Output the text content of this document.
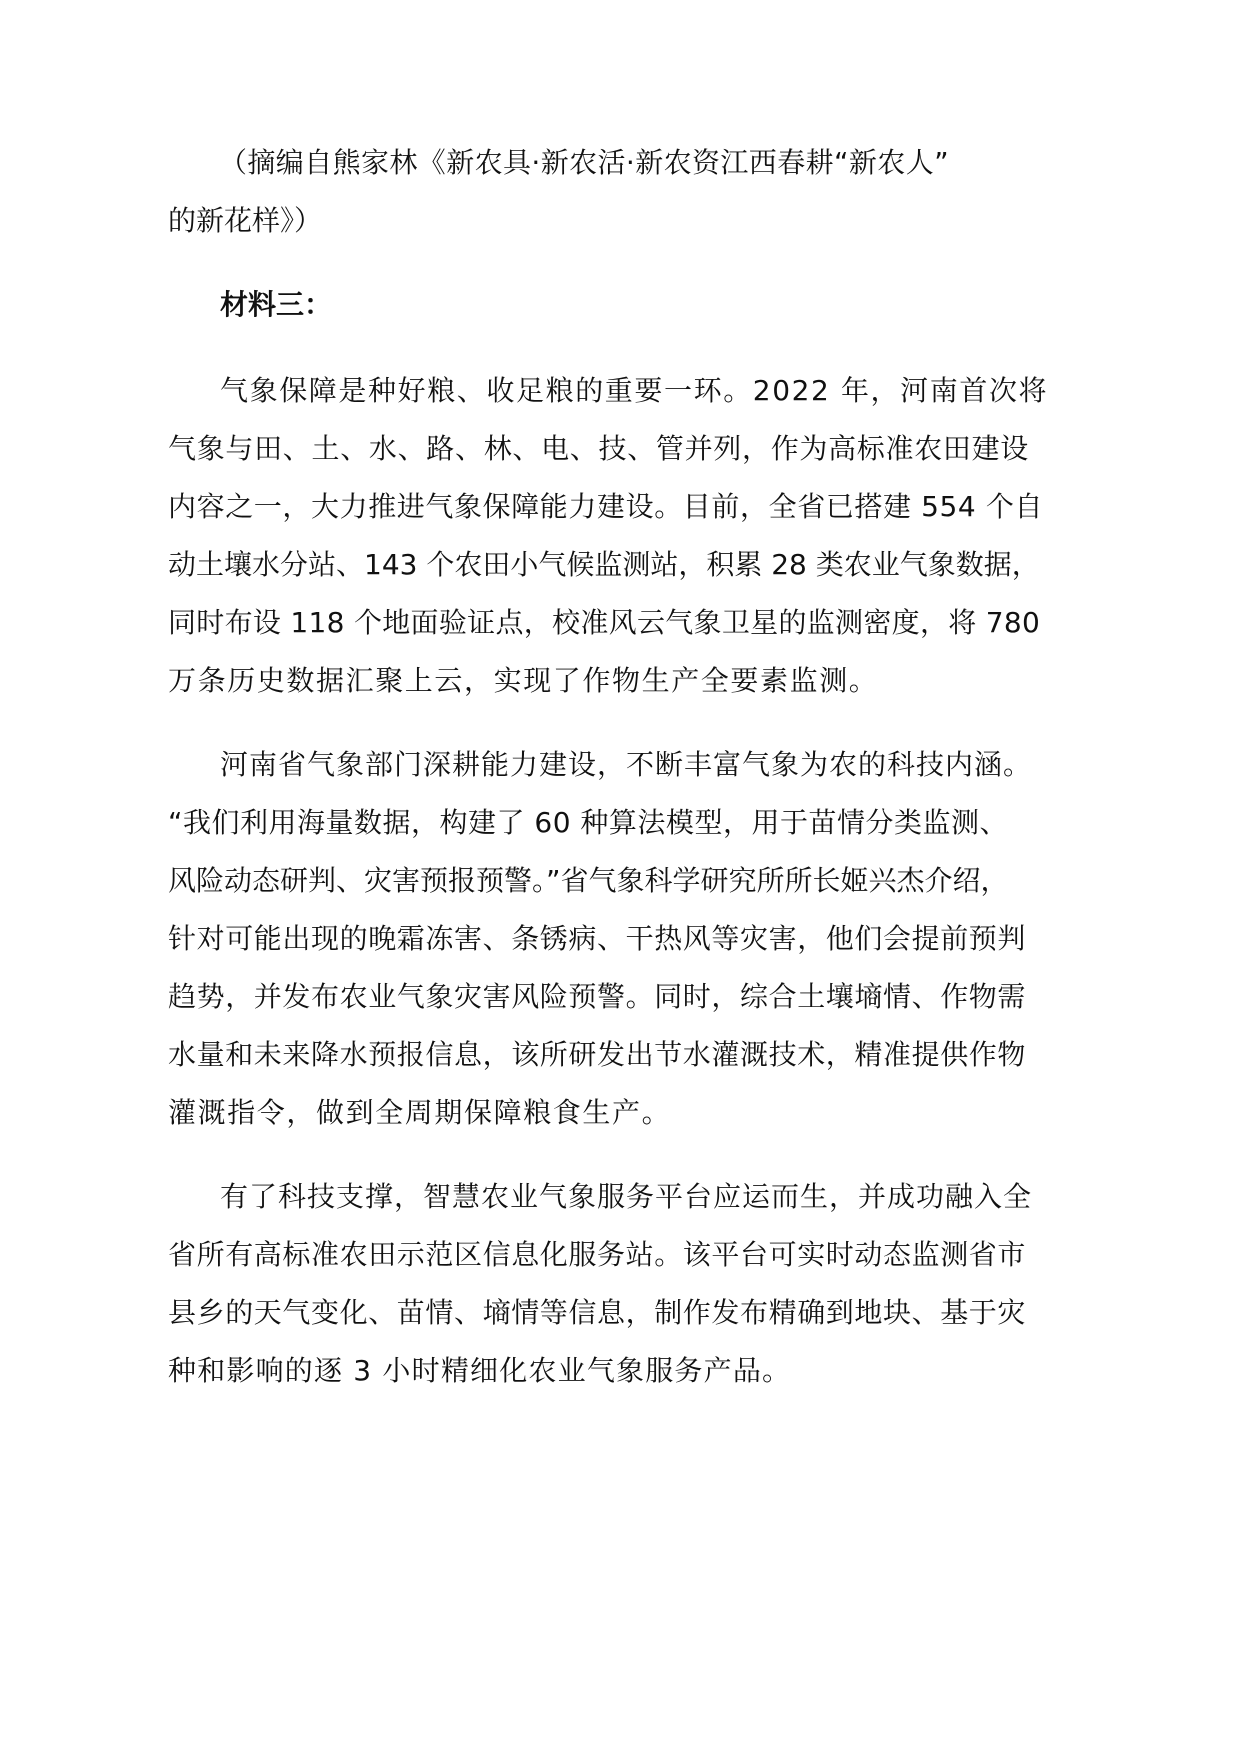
（摘编自熊家林《新农具·新农活·新农资江西春耕“新农人”
的新花样》）
材料三：
气象保障是种好粮、收足粮的重要一环。2022 年，河南首次将
气象与田、土、水、路、林、电、技、管并列，作为高标准农田建设
内容之一，大力推进气象保障能力建设。目前，全省已搭建 554 个自
动土壤水分站、143 个农田小气候监测站，积累 28 类农业气象数据，
同时布设 118 个地面验证点，校准风云气象卫星的监测密度，将 780
万条历史数据汇聚上云，实现了作物生产全要素监测。
河南省气象部门深耕能力建设，不断丰富气象为农的科技内涵。
“我们利用海量数据，构建了 60 种算法模型，用于苗情分类监测、
风险动态研判、灾害预报预警。”省气象科学研究所所长姬兴杰介绍，
针对可能出现的晚霜冻害、条锈病、干热风等灾害，他们会提前预判
趋势，并发布农业气象灾害风险预警。同时，综合土壤墒情、作物需
水量和未来降水预报信息，该所研发出节水灌溉技术，精准提供作物
灌溉指令，做到全周期保障粮食生产。
有了科技支撑，智慧农业气象服务平台应运而生，并成功融入全
省所有高标准农田示范区信息化服务站。该平台可实时动态监测省市
县乡的天气变化、苗情、墒情等信息，制作发布精确到地块、基于灾
种和影响的逐 3 小时精细化农业气象服务产品。
